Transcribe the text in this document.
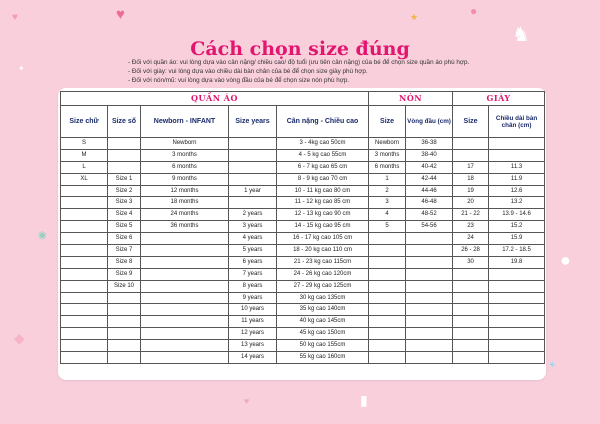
♥
♥	★	●
♞
✦
●
◉
◆
▮
♥
✦
Cách chọn size đúng
- Đối với quần áo: vui lòng dựa vào cân nặng/ chiều cao/ độ tuổi (ưu tiên cân nặng) của bé để chọn size quần áo phù hợp.
- Đối với giày: vui lòng dựa vào chiều dài bàn chân của bé để chọn size giày phù hợp.
- Đối với nón/mũ: vui lòng dựa vào vòng đầu của bé để chọn size nón phù hợp.
QUẦN ÁO					NÓN		GIÀY	
Size chữ	Size số	Newborn - INFANT	Size years	Cân nặng - Chiều cao	Size	Vòng đầu (cm)	Size	Chiều dài bàn chân (cm)
S		Newborn		3 - 4kg cao 50cm	Newborn	36-38		
M		3 months		4 - 5 kg cao 55cm	3 months	38-40		
L		6 months		6 - 7 kg cao 65 cm	6 months	40-42	17	11.3
XL	Size 1	9 months		8 - 9 kg cao 70 cm	1	42-44	18	11.9
	Size 2	12 months	1 year	10 - 11 kg cao 80 cm	2	44-46	19	12.6
	Size 3	18 months		11 - 12 kg cao 85 cm	3	46-48	20	13.2
	Size 4	24 months	2 years	12 - 13 kg cao 90 cm	4	48-52	21 - 22	13.9 - 14.6
	Size 5	36 months	3 years	14 - 15 kg cao 95 cm	5	54-56	23	15.2
	Size 6		4 years	16 - 17 kg cao 105 cm			24	15.9
	Size 7		5 years	18 - 20 kg cao 110 cm			26 - 28	17.2 - 18.5
	Size 8		6 years	21 - 23 kg cao 115cm			30	19.8
	Size 9		7 years	24 - 26 kg cao 120cm				
	Size 10		8 years	27 - 29 kg cao 125cm				
			9 years	30 kg cao 135cm				
			10 years	35 kg cao 140cm				
			11 years	40 kg cao 145cm				
			12 years	45 kg cao 150cm				
			13 years	50 kg cao 155cm				
			14 years	55 kg cao 160cm				
